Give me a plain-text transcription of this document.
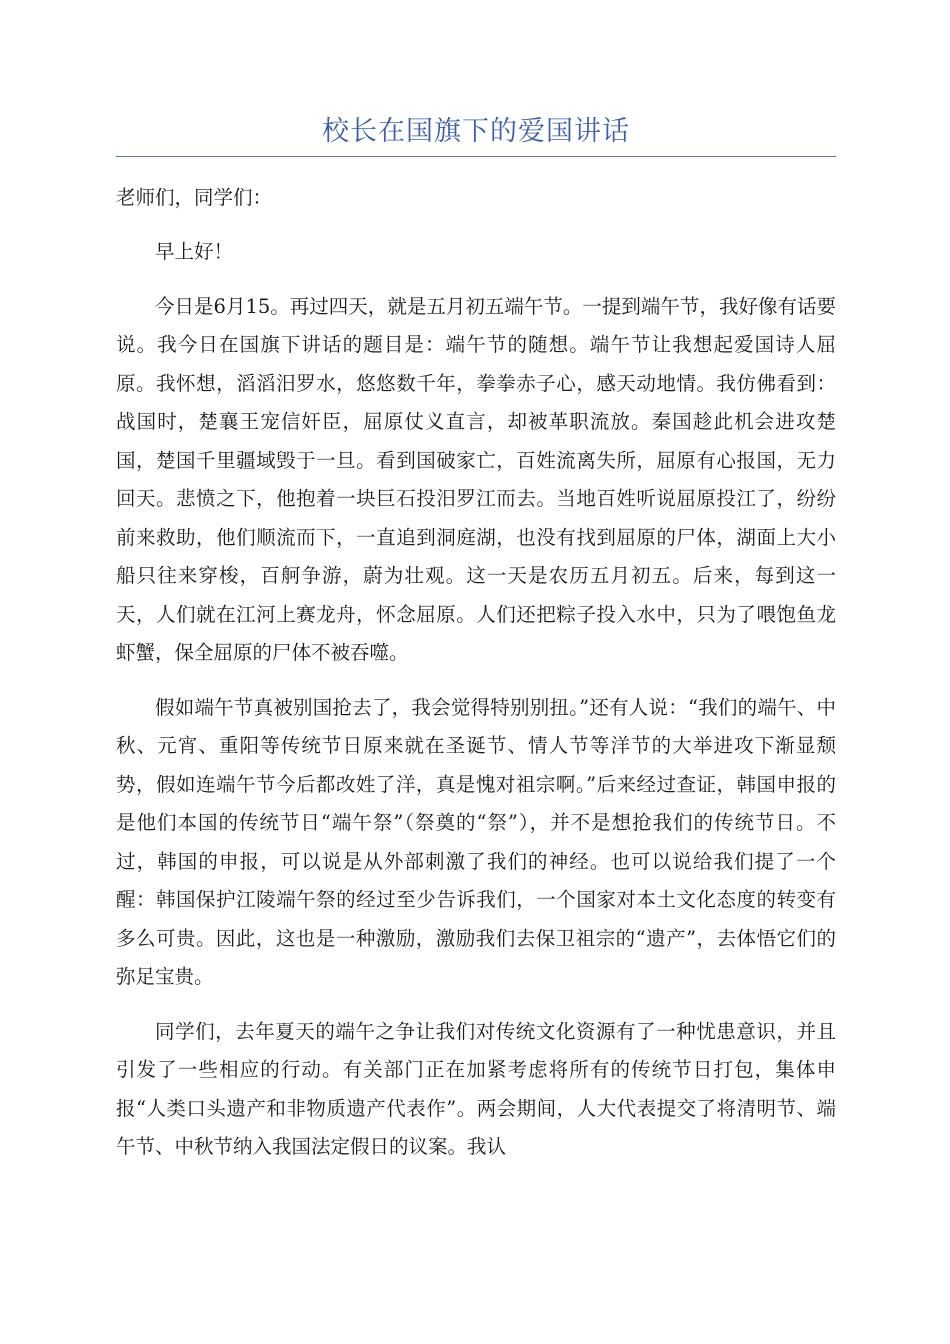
校长在国旗下的爱国讲话

老师们，同学们：

早上好！

今日是6月15。再过四天，就是五月初五端午节。一提到端午节，我好像有话要说。我今日在国旗下讲话的题目是：端午节的随想。端午节让我想起爱国诗人屈原。我怀想，滔滔汨罗水，悠悠数千年，拳拳赤子心，感天动地情。我仿佛看到：战国时，楚襄王宠信奸臣，屈原仗义直言，却被革职流放。秦国趁此机会进攻楚国，楚国千里疆域毁于一旦。看到国破家亡，百姓流离失所，屈原有心报国，无力回天。悲愤之下，他抱着一块巨石投汨罗江而去。当地百姓听说屈原投江了，纷纷前来救助，他们顺流而下，一直追到洞庭湖，也没有找到屈原的尸体，湖面上大小船只往来穿梭，百舸争游，蔚为壮观。这一天是农历五月初五。后来，每到这一天，人们就在江河上赛龙舟，怀念屈原。人们还把粽子投入水中，只为了喂饱鱼龙虾蟹，保全屈原的尸体不被吞噬。

假如端午节真被别国抢去了，我会觉得特别别扭。”还有人说：“我们的端午、中秋、元宵、重阳等传统节日原来就在圣诞节、情人节等洋节的大举进攻下渐显颓势，假如连端午节今后都改姓了洋，真是愧对祖宗啊。”后来经过查证，韩国申报的是他们本国的传统节日“端午祭”（祭奠的“祭”），并不是想抢我们的传统节日。不过，韩国的申报，可以说是从外部刺激了我们的神经。也可以说给我们提了一个醒：韩国保护江陵端午祭的经过至少告诉我们，一个国家对本土文化态度的转变有多么可贵。因此，这也是一种激励，激励我们去保卫祖宗的“遗产”，去体悟它们的弥足宝贵。

同学们，去年夏天的端午之争让我们对传统文化资源有了一种忧患意识，并且引发了一些相应的行动。有关部门正在加紧考虑将所有的传统节日打包，集体申报“人类口头遗产和非物质遗产代表作”。两会期间，人大代表提交了将清明节、端午节、中秋节纳入我国法定假日的议案。我认
